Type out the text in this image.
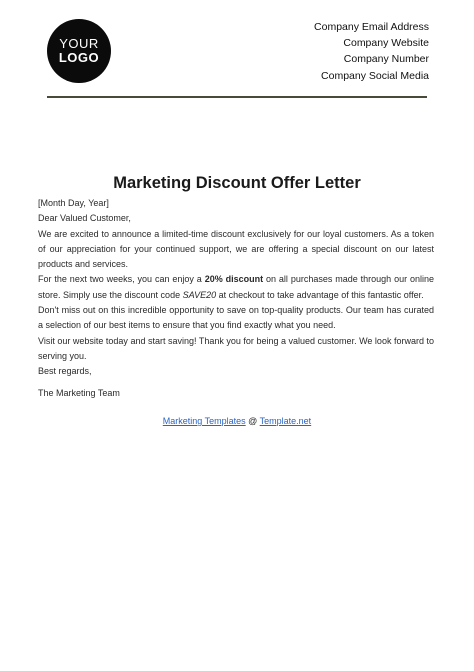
YOUR
LOGO
Company Email Address
Company Website
Company Number
Company Social Media
Marketing Discount Offer Letter

[Month Day, Year]

Dear Valued Customer,

We are excited to announce a limited-time discount exclusively for our loyal customers. As a token of our appreciation for your continued support, we are offering a special discount on our latest products and services.

For the next two weeks, you can enjoy a 20% discount on all purchases made through our online store. Simply use the discount code SAVE20 at checkout to take advantage of this fantastic offer.

Don't miss out on this incredible opportunity to save on top-quality products. Our team has curated a selection of our best items to ensure that you find exactly what you need.

Visit our website today and start saving! Thank you for being a valued customer. We look forward to serving you.

Best regards,

The Marketing Team

Marketing Templates @ Template.net
